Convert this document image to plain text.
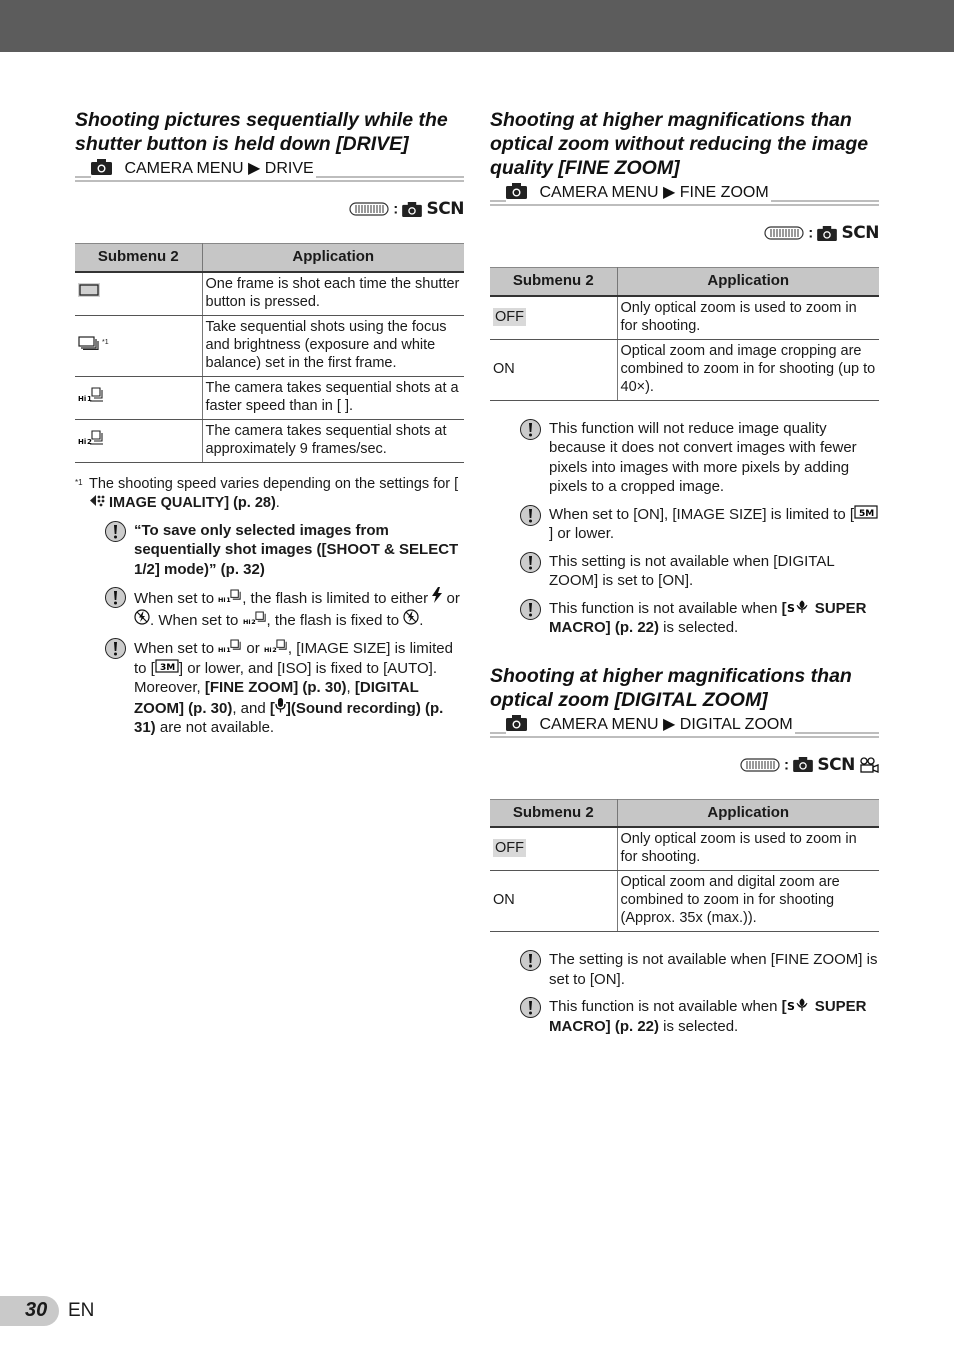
Shooting pictures sequentially while the shutter button is held down [DRIVE]
CAMERA MENU ▶ DRIVE
: SCN
Submenu 2	Application
	One frame is shot each time the shutter button is pressed.
$^{*1}$	Take sequential shots using the focus and brightness (exposure and white balance) set in the first frame.

Hi 1	The camera takes sequential shots at a faster speed than in [ ].

Hi 2	The camera takes sequential shots at approximately 9 frames/sec.
*1 The shooting speed varies depending on the settings for [ IMAGE QUALITY] (p. 28).
“To save only selected images from sequentially shot images ([SHOOT & SELECT 1/2] mode)” (p. 32)
When set to Hi 1 , the flash is limited to either  or . When set to Hi 2 , the flash is fixed to .
When set to Hi 1 or Hi 2 , [IMAGE SIZE] is limited to [ 3M ] or lower, and [ISO] is fixed to [AUTO]. Moreover, [FINE ZOOM] (p. 30), [DIGITAL ZOOM] (p. 30), and [ ](Sound recording) (p. 31) are not available.
Shooting at higher magnifications than optical zoom without reducing the image quality [FINE ZOOM]
CAMERA MENU ▶ FINE ZOOM
: SCN
Submenu 2	Application
OFF	Only optical zoom is used to zoom in for shooting.
ON	Optical zoom and image cropping are combined to zoom in for shooting (up to 40×).
This function will not reduce image quality because it does not convert images with fewer pixels into images with more pixels by adding pixels to a cropped image.
When set to [ON], [IMAGE SIZE] is limited to [ 5M
] or lower.
This setting is not available when [DIGITAL ZOOM] is set to [ON].
This function is not available when [ S SUPER MACRO] (p. 22) is selected.
Shooting at higher magnifications than optical zoom [DIGITAL ZOOM]
CAMERA MENU ▶ DIGITAL ZOOM
: SCN
Submenu 2	Application
OFF	Only optical zoom is used to zoom in for shooting.
ON	Optical zoom and digital zoom are combined to zoom in for shooting (Approx. 35x (max.)).
The setting is not available when [FINE ZOOM] is set to [ON].
This function is not available when [ S SUPER MACRO] (p. 22) is selected.
30 EN
